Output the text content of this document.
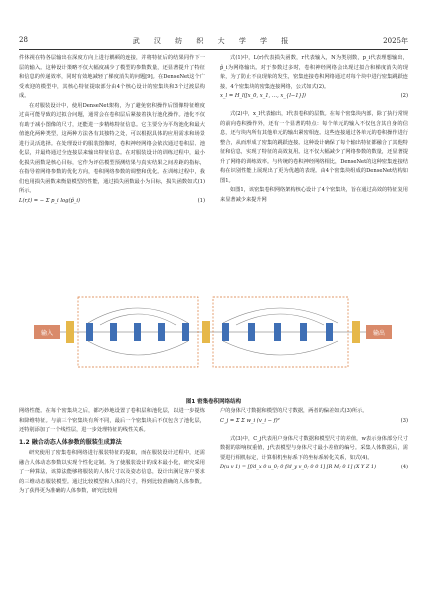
28	武 汉 纺 织 大 学 学 报	2025年

件休视在特各层输出在深度方向上进行耦顿的连接，并将特征后的结果同作下一层的输入。这种设计策略不仅大幅度减少了模型的参数数量，还显著提升了特征和信息的传递效率，同时有效地减轻了梯度消失的问题[9]。在DenseNet这个广受欢迎的模型中，其核心特征提取部分由4个核心设计的密集块和3个过渡层构成。

在对服装设计中，使用DenseNet架构，为了避免密积操作后图像特征维度过高可能导致的过拟合问题，通常会在卷积层后紧接着执行池化操作。池化不仅有助于减小图像的尺寸，还能进一步精练特征信息。它主要分为平均池化和最大值池化两种类型，这两种方法各有其独特之处，可以根据具体的应用需求和场景进行灵活选择。在处理设计的服装图像时，卷积神经网络会依次通过卷积层、池化层，并最终通过全连接层来输出特征信息。在对服装设计的训练过程中，最小化损失函数是核心目标，它作为评估模型预测结果与真实结果之间差距的指标，在指导着网络参数的优化方向，卷积网络参数的调整和优化。在训练过程中，我们也用损失函数来衡量模型的性能，通过损失函数最小为目标，损失函数如式(1)所示。

L(r,t) = − Σ p_i log(p̂_i)	(1)

式(1)中，L(r)代表损失函数，r代表输入，N为类别数，p_i代表理想输出，p̂_i为网络输出。对于参数过多时，卷积神经网络会出现过拟合和梯度消失的现象，为了防止不良现象的发生，密集连接卷积网络通过对每个块中进行密集跳跃连接，4个密集块的密集连接网络，公式如式(2)。

x_l = H_l([x_0, x_1, …, x_{l−1}])	(2)

式(2)中，x_l代表输出，l代表卷积的层数。在每个密集块内部，除了执行常规的前向卷积操作外，还有一个显著的特点：每个单元的输入不仅包含其自身的信息，还与块内所有其他单元的输出紧密相连。这些连接通过各单元的卷积操作进行整合，从而形成了密集的跳跃连接。这种设计确保了每个输出特征都融合了其他特征和信息，实现了特征的高效复用。这不仅大幅减少了网络参数的数量，还显著提升了网络的训练效率。与传统的卷积神经网络相比，DenseNet的这种密集连接结构在识别性能上展现出了更为优越的表现。由4个密集块组成的DenseNet结构如图1。

如图1，该密集卷积网络架构核心设计了4个密集块，旨在通过高效的特征复用来显著减少来提升网

输入	输出
图1 密集卷积网络结构

网络性能。在每个密集块之后，都巧妙地设置了卷积层和池化层，以进一步提炼和降维特征。与前三个密集块有所不同，最后一个密集块后不仅包含了池化层，还特别添加了一个线性层，进一步处理特征的线性关系。

1.2 融合动态人体参数的服装生成算法

研究使用了密集卷积网络进行服装特征的提取，而在服装设计过程中，还需融合人体动态参数以实现个性化定制。为了使服装设计的成本最小化，研究采用了一种算法，该算法能够将服装的人体尺寸以及姿态信息，设计出满足客户要求的三维动态服装模型。通过比较模型和人体的尺寸，得到比较准确的人体参数。为了获得更为准确的人体参数，研究比较用

户的身体尺寸数据和模型的尺寸数据，两者的偏差如式(3)所示。

C_j = Σ Σ w_i (v_i − f)²	(3)

式(3)中，C_j代表用户身体尺寸数据和模型尺寸的差值，w表示身体部分尺寸数据的影响权重值，j代表模型与身体尺寸最小差值的编号。采集人体数据后，需要进行相机标定，计算相机坐标系下的坐标系转化关系，如式(4)。

D(u v 1) = [f/d_x 0 u_0; 0 f/d_y v_0; 0 0 1] [R M; 0 1] (X Y Z 1)	(4)
